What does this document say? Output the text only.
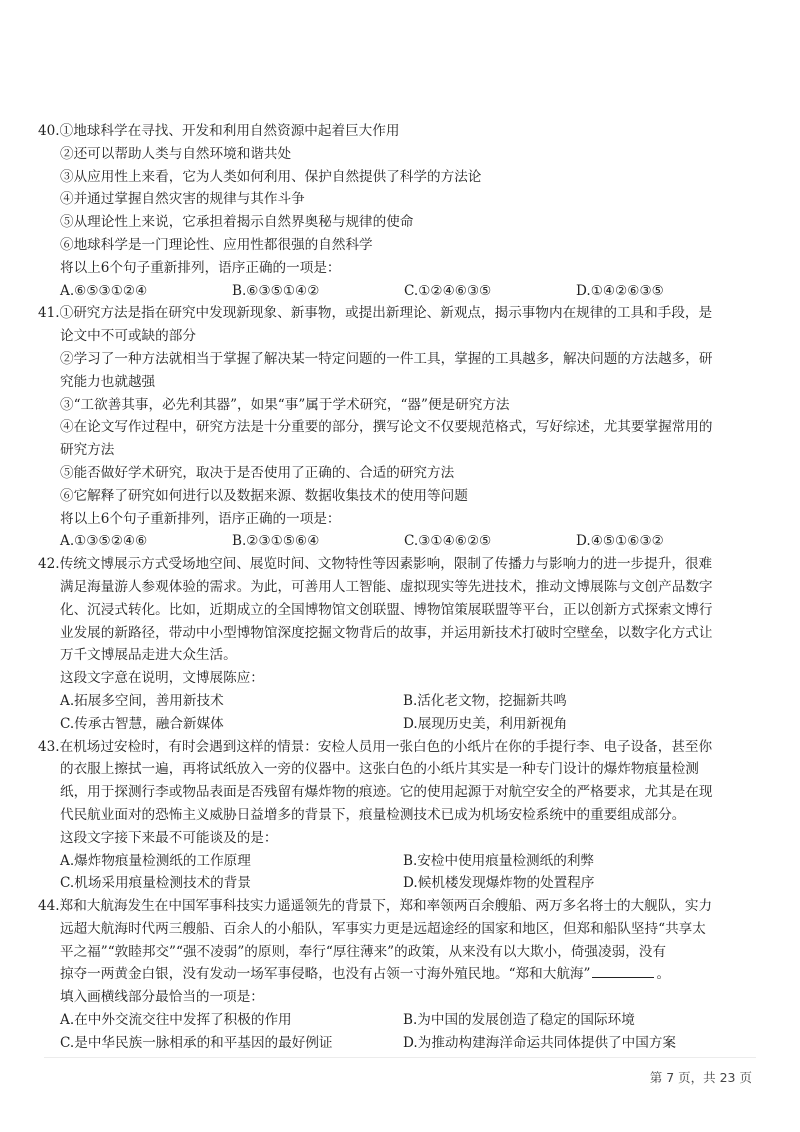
40.①地球科学在寻找、开发和利用自然资源中起着巨大作用
②还可以帮助人类与自然环境和谐共处
③从应用性上来看，它为人类如何利用、保护自然提供了科学的方法论
④并通过掌握自然灾害的规律与其作斗争
⑤从理论性上来说，它承担着揭示自然界奥秘与规律的使命
⑥地球科学是一门理论性、应用性都很强的自然科学
将以上6个句子重新排列，语序正确的一项是：
A.⑥⑤③①②④	B.⑥③⑤①④②	C.①②④⑥③⑤	D.①④②⑥③⑤
41.①研究方法是指在研究中发现新现象、新事物，或提出新理论、新观点，揭示事物内在规律的工具和手段，是
论文中不可或缺的部分
②学习了一种方法就相当于掌握了解决某一特定问题的一件工具，掌握的工具越多，解决问题的方法越多，研
究能力也就越强
③“工欲善其事，必先利其器”，如果“事”属于学术研究，“器”便是研究方法
④在论文写作过程中，研究方法是十分重要的部分，撰写论文不仅要规范格式，写好综述，尤其要掌握常用的
研究方法
⑤能否做好学术研究，取决于是否使用了正确的、合适的研究方法
⑥它解释了研究如何进行以及数据来源、数据收集技术的使用等问题
将以上6个句子重新排列，语序正确的一项是：
A.①③⑤②④⑥	B.②③①⑤⑥④	C.③①④⑥②⑤	D.④⑤①⑥③②
42.传统文博展示方式受场地空间、展览时间、文物特性等因素影响，限制了传播力与影响力的进一步提升，很难
满足海量游人参观体验的需求。为此，可善用人工智能、虚拟现实等先进技术，推动文博展陈与文创产品数字
化、沉浸式转化。比如，近期成立的全国博物馆文创联盟、博物馆策展联盟等平台，正以创新方式探索文博行
业发展的新路径，带动中小型博物馆深度挖掘文物背后的故事，并运用新技术打破时空壁垒，以数字化方式让
万千文博展品走进大众生活。
这段文字意在说明，文博展陈应：
A.拓展多空间，善用新技术	B.活化老文物，挖掘新共鸣
C.传承古智慧，融合新媒体	D.展现历史美，利用新视角
43.在机场过安检时，有时会遇到这样的情景：安检人员用一张白色的小纸片在你的手提行李、电子设备，甚至你
的衣服上擦拭一遍，再将试纸放入一旁的仪器中。这张白色的小纸片其实是一种专门设计的爆炸物痕量检测
纸，用于探测行李或物品表面是否残留有爆炸物的痕迹。它的使用起源于对航空安全的严格要求，尤其是在现
代民航业面对的恐怖主义威胁日益增多的背景下，痕量检测技术已成为机场安检系统中的重要组成部分。
这段文字接下来最不可能谈及的是：
A.爆炸物痕量检测纸的工作原理	B.安检中使用痕量检测纸的利弊
C.机场采用痕量检测技术的背景	D.候机楼发现爆炸物的处置程序
44.郑和大航海发生在中国军事科技实力遥遥领先的背景下，郑和率领两百余艘船、两万多名将士的大舰队，实力
远超大航海时代两三艘船、百余人的小船队，军事实力更是远超途经的国家和地区，但郑和船队坚持“共享太
平之福”“敦睦邦交”“强不凌弱”的原则，奉行“厚往薄来”的政策，从来没有以大欺小，倚强凌弱，没有
掠夺一两黄金白银，没有发动一场军事侵略，也没有占领一寸海外殖民地。“郑和大航海”	。
填入画横线部分最恰当的一项是：
A.在中外交流交往中发挥了积极的作用	B.为中国的发展创造了稳定的国际环境
C.是中华民族一脉相承的和平基因的最好例证	D.为推动构建海洋命运共同体提供了中国方案
第 7 页，共 23 页
